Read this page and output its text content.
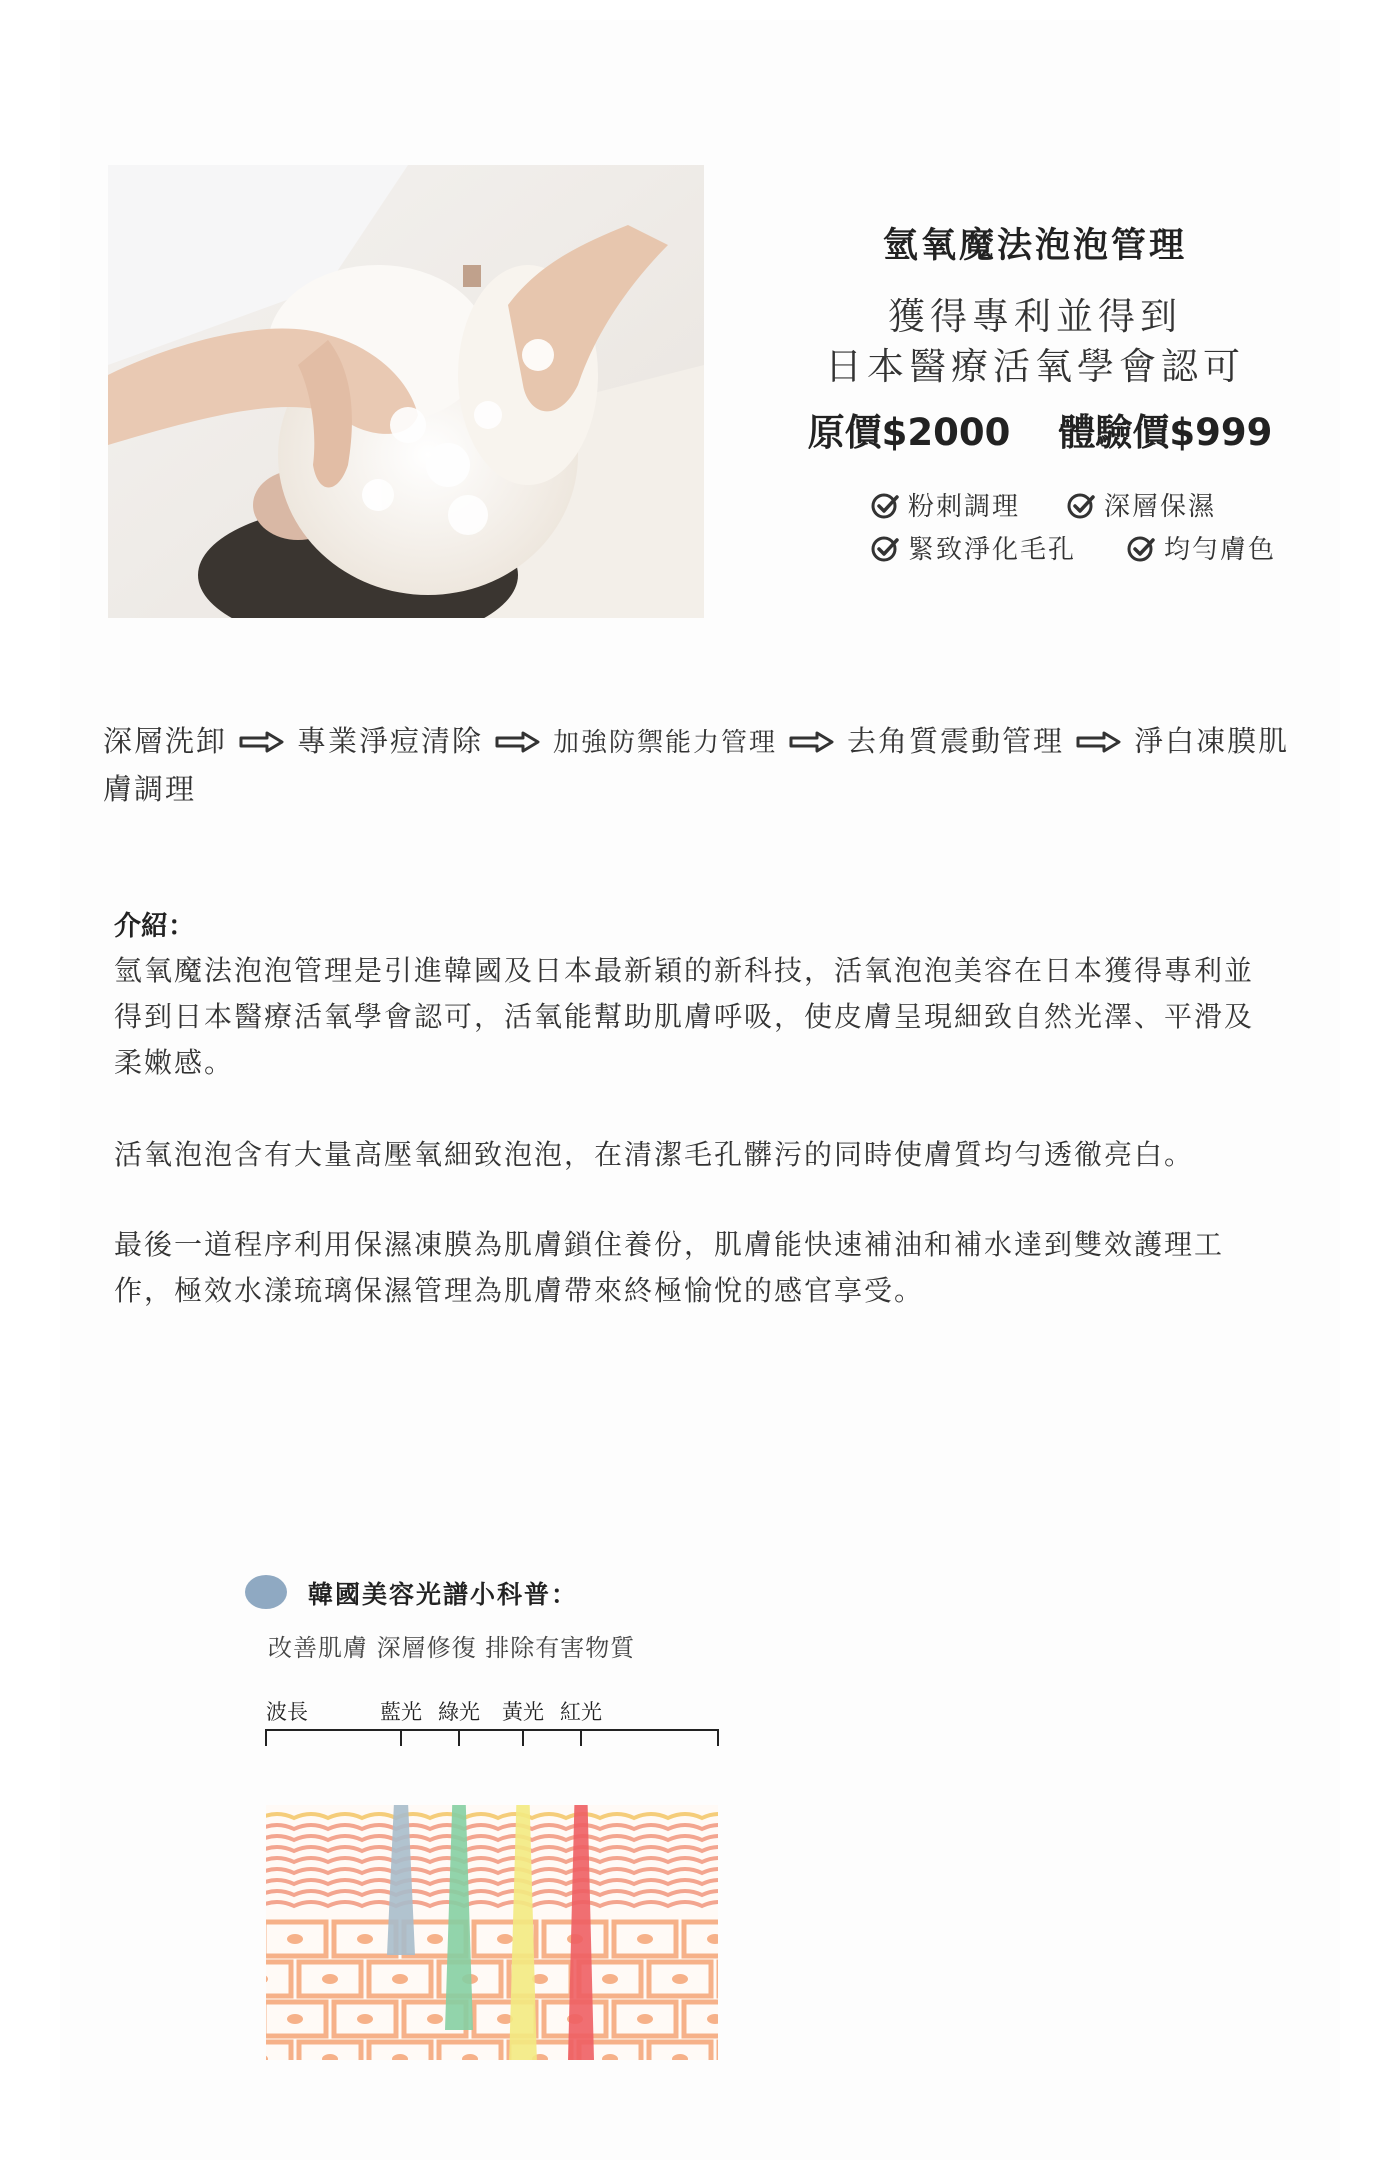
氫氧魔法泡泡管理
獲得專利並得到
日本醫療活氧學會認可
原價$2000 體驗價$999
粉刺調理	深層保濕
緊致淨化毛孔	均勻膚色
深層洗卸 專業淨痘清除	加強防禦能力管理 去角質震動管理 淨白凍膜肌膚調理
介紹：

氫氧魔法泡泡管理是引進韓國及日本最新穎的新科技，活氧泡泡美容在日本獲得專利並得到日本醫療活氧學會認可，活氧能幫助肌膚呼吸，使皮膚呈現細致自然光澤、平滑及柔嫩感。

活氧泡泡含有大量高壓氧細致泡泡，在清潔毛孔髒污的同時使膚質均勻透徹亮白。

最後一道程序利用保濕凍膜為肌膚鎖住養份，肌膚能快速補油和補水達到雙效護理工作，極效水漾琉璃保濕管理為肌膚帶來終極愉悅的感官享受。

韓國美容光譜小科普：
改善肌膚 深層修復 排除有害物質
波長	藍光 綠光 黃光 紅光
